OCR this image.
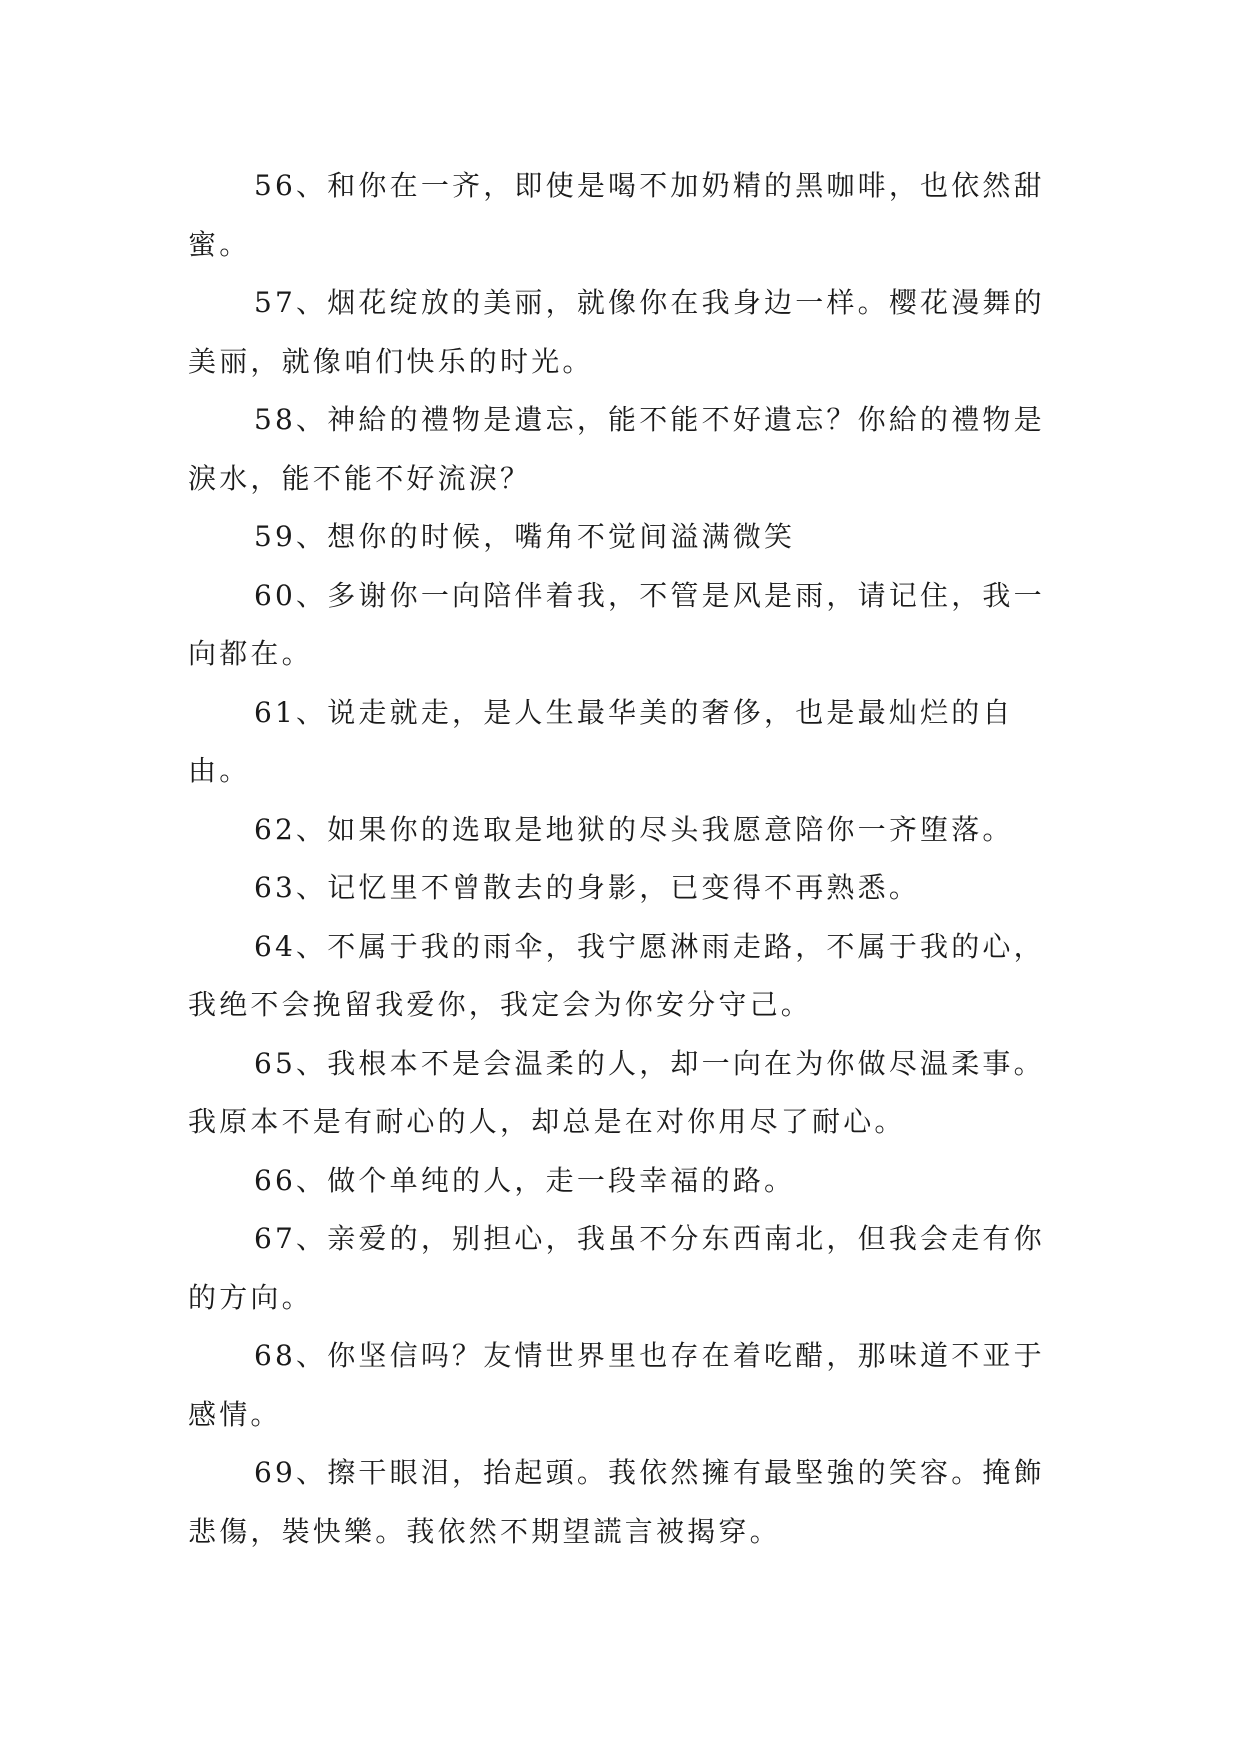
56、和你在一齐，即使是喝不加奶精的黑咖啡，也依然甜蜜。

57、烟花绽放的美丽，就像你在我身边一样。樱花漫舞的美丽，就像咱们快乐的时光。

58、神給的禮物是遺忘，能不能不好遺忘？你給的禮物是淚水，能不能不好流淚？

59、想你的时候，嘴角不觉间溢满微笑

60、多谢你一向陪伴着我，不管是风是雨，请记住，我一向都在。

61、说走就走，是人生最华美的奢侈，也是最灿烂的自由。

62、如果你的选取是地狱的尽头我愿意陪你一齐堕落。

63、记忆里不曾散去的身影，已变得不再熟悉。

64、不属于我的雨伞，我宁愿淋雨走路，不属于我的心，我绝不会挽留我爱你，我定会为你安分守己。

65、我根本不是会温柔的人，却一向在为你做尽温柔事。我原本不是有耐心的人，却总是在对你用尽了耐心。

66、做个单纯的人，走一段幸福的路。

67、亲爱的，别担心，我虽不分东西南北，但我会走有你的方向。

68、你坚信吗？友情世界里也存在着吃醋，那味道不亚于感情。

69、擦干眼泪，抬起頭。莪依然擁有最堅強的笑容。掩飾悲傷，裝快樂。莪依然不期望謊言被揭穿。
